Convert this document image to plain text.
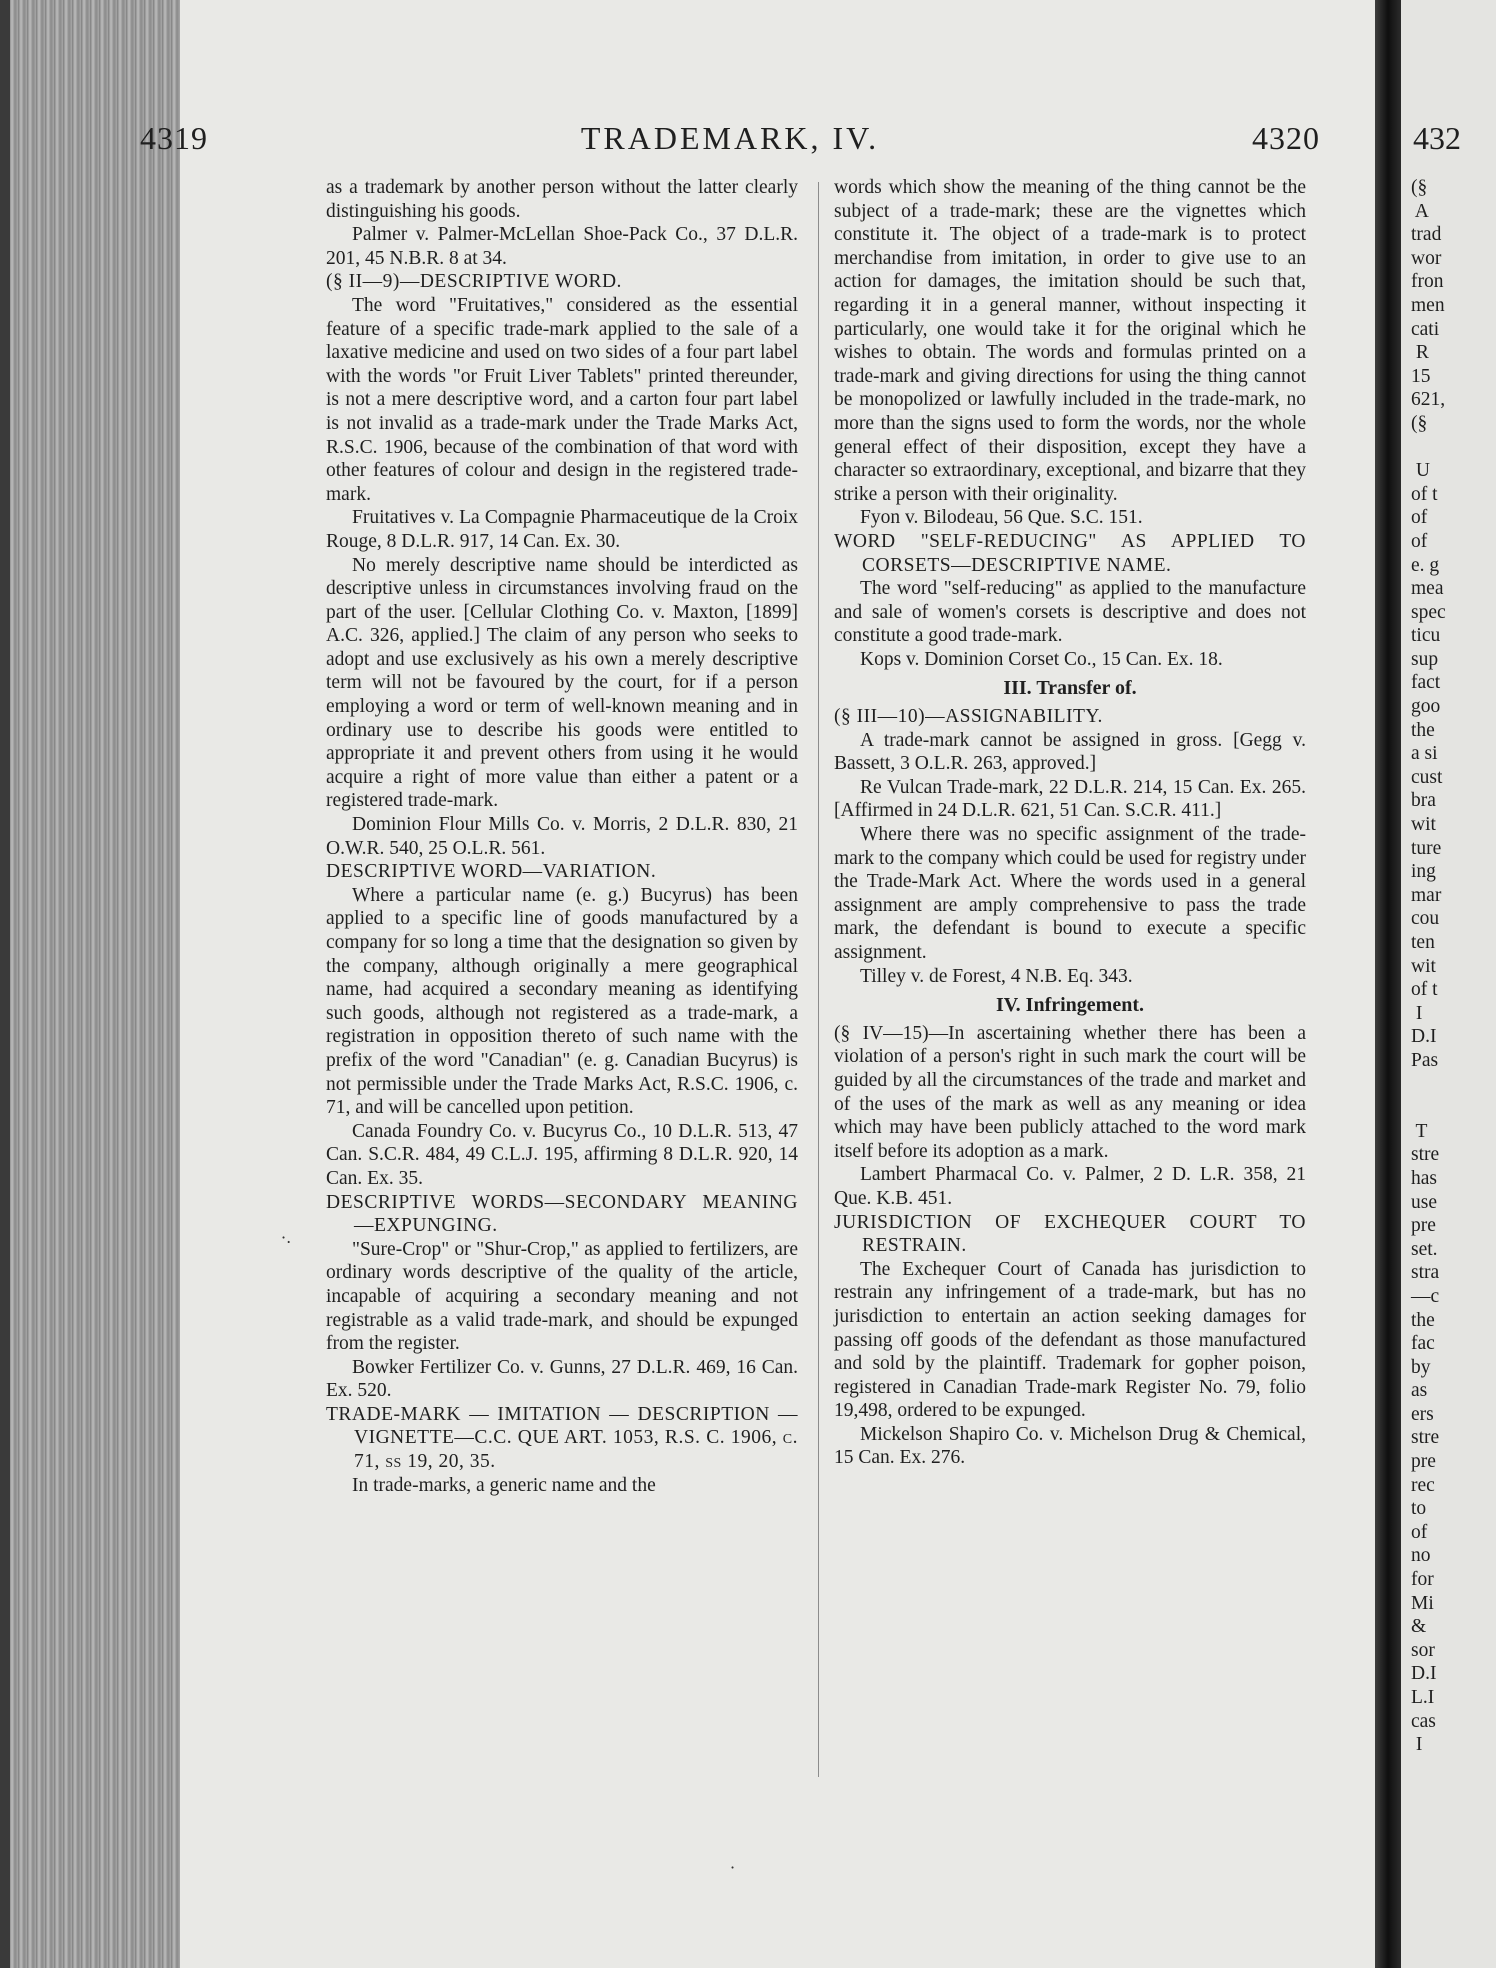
432
(§
A
trad
wor
fron
men
cati
R
15
621,
(§

U
of t
of
of
e. g
mea
spec
ticu
sup
fact
goo
the
a si
cust
bra
wit
ture
ing
mar
cou
ten
wit
of t
I
D.I
Pas

T
stre
has
use
pre
set.
stra
—c
the
fac
by
as
ers
stre
pre
rec
to
of
no
for
Mi
&
sor
D.I
L.I
cas
I
4319	TRADEMARK, IV.	4320

as a trademark by another person without the latter clearly distinguishing his goods.

Palmer v. Palmer-McLellan Shoe-Pack Co., 37 D.L.R. 201, 45 N.B.R. 8 at 34.

(§ II—9)—DESCRIPTIVE WORD.

The word "Fruitatives," considered as the essential feature of a specific trade-mark applied to the sale of a laxative medicine and used on two sides of a four part label with the words "or Fruit Liver Tablets" printed thereunder, is not a mere descriptive word, and a carton four part label is not invalid as a trade-mark under the Trade Marks Act, R.S.C. 1906, because of the combination of that word with other features of colour and design in the registered trade-mark.

Fruitatives v. La Compagnie Pharmaceutique de la Croix Rouge, 8 D.L.R. 917, 14 Can. Ex. 30.

No merely descriptive name should be interdicted as descriptive unless in circumstances involving fraud on the part of the user. [Cellular Clothing Co. v. Maxton, [1899] A.C. 326, applied.] The claim of any person who seeks to adopt and use exclusively as his own a merely descriptive term will not be favoured by the court, for if a person employing a word or term of well-known meaning and in ordinary use to describe his goods were entitled to appropriate it and prevent others from using it he would acquire a right of more value than either a patent or a registered trade-mark.

Dominion Flour Mills Co. v. Morris, 2 D.L.R. 830, 21 O.W.R. 540, 25 O.L.R. 561.

DESCRIPTIVE WORD—VARIATION.

Where a particular name (e. g.) Bucyrus) has been applied to a specific line of goods manufactured by a company for so long a time that the designation so given by the company, although originally a mere geographical name, had acquired a secondary meaning as identifying such goods, although not registered as a trade-mark, a registration in opposition thereto of such name with the prefix of the word "Canadian" (e. g. Canadian Bucyrus) is not permissible under the Trade Marks Act, R.S.C. 1906, c. 71, and will be cancelled upon petition.

Canada Foundry Co. v. Bucyrus Co., 10 D.L.R. 513, 47 Can. S.C.R. 484, 49 C.L.J. 195, affirming 8 D.L.R. 920, 14 Can. Ex. 35.

DESCRIPTIVE WORDS—SECONDARY MEANING —EXPUNGING.

"Sure-Crop" or "Shur-Crop," as applied to fertilizers, are ordinary words descriptive of the quality of the article, incapable of acquiring a secondary meaning and not registrable as a valid trade-mark, and should be expunged from the register.

Bowker Fertilizer Co. v. Gunns, 27 D.L.R. 469, 16 Can. Ex. 520.

TRADE-MARK — IMITATION — DESCRIPTION — VIGNETTE—C.C. QUE ART. 1053, R.S. C. 1906, c. 71, ss 19, 20, 35.

In trade-marks, a generic name and the

words which show the meaning of the thing cannot be the subject of a trade-mark; these are the vignettes which constitute it. The object of a trade-mark is to protect merchandise from imitation, in order to give use to an action for damages, the imitation should be such that, regarding it in a general manner, without inspecting it particularly, one would take it for the original which he wishes to obtain. The words and formulas printed on a trade-mark and giving directions for using the thing cannot be monopolized or lawfully included in the trade-mark, no more than the signs used to form the words, nor the whole general effect of their disposition, except they have a character so extraordinary, exceptional, and bizarre that they strike a person with their originality.

Fyon v. Bilodeau, 56 Que. S.C. 151.

WORD "SELF-REDUCING" AS APPLIED TO CORSETS—DESCRIPTIVE NAME.

The word "self-reducing" as applied to the manufacture and sale of women's corsets is descriptive and does not constitute a good trade-mark.

Kops v. Dominion Corset Co., 15 Can. Ex. 18.

III. Transfer of.

(§ III—10)—ASSIGNABILITY.

A trade-mark cannot be assigned in gross. [Gegg v. Bassett, 3 O.L.R. 263, approved.]

Re Vulcan Trade-mark, 22 D.L.R. 214, 15 Can. Ex. 265. [Affirmed in 24 D.L.R. 621, 51 Can. S.C.R. 411.]

Where there was no specific assignment of the trade-mark to the company which could be used for registry under the Trade-Mark Act. Where the words used in a general assignment are amply comprehensive to pass the trade mark, the defendant is bound to execute a specific assignment.

Tilley v. de Forest, 4 N.B. Eq. 343.

IV. Infringement.

(§ IV—15)—In ascertaining whether there has been a violation of a person's right in such mark the court will be guided by all the circumstances of the trade and market and of the uses of the mark as well as any meaning or idea which may have been publicly attached to the word mark itself before its adoption as a mark.

Lambert Pharmacal Co. v. Palmer, 2 D. L.R. 358, 21 Que. K.B. 451.

JURISDICTION OF EXCHEQUER COURT TO RESTRAIN.

The Exchequer Court of Canada has jurisdiction to restrain any infringement of a trade-mark, but has no jurisdiction to entertain an action seeking damages for passing off goods of the defendant as those manufactured and sold by the plaintiff. Trademark for gopher poison, registered in Canadian Trade-mark Register No. 79, folio 19,498, ordered to be expunged.

Mickelson Shapiro Co. v. Michelson Drug & Chemical, 15 Can. Ex. 276.

·.
·
